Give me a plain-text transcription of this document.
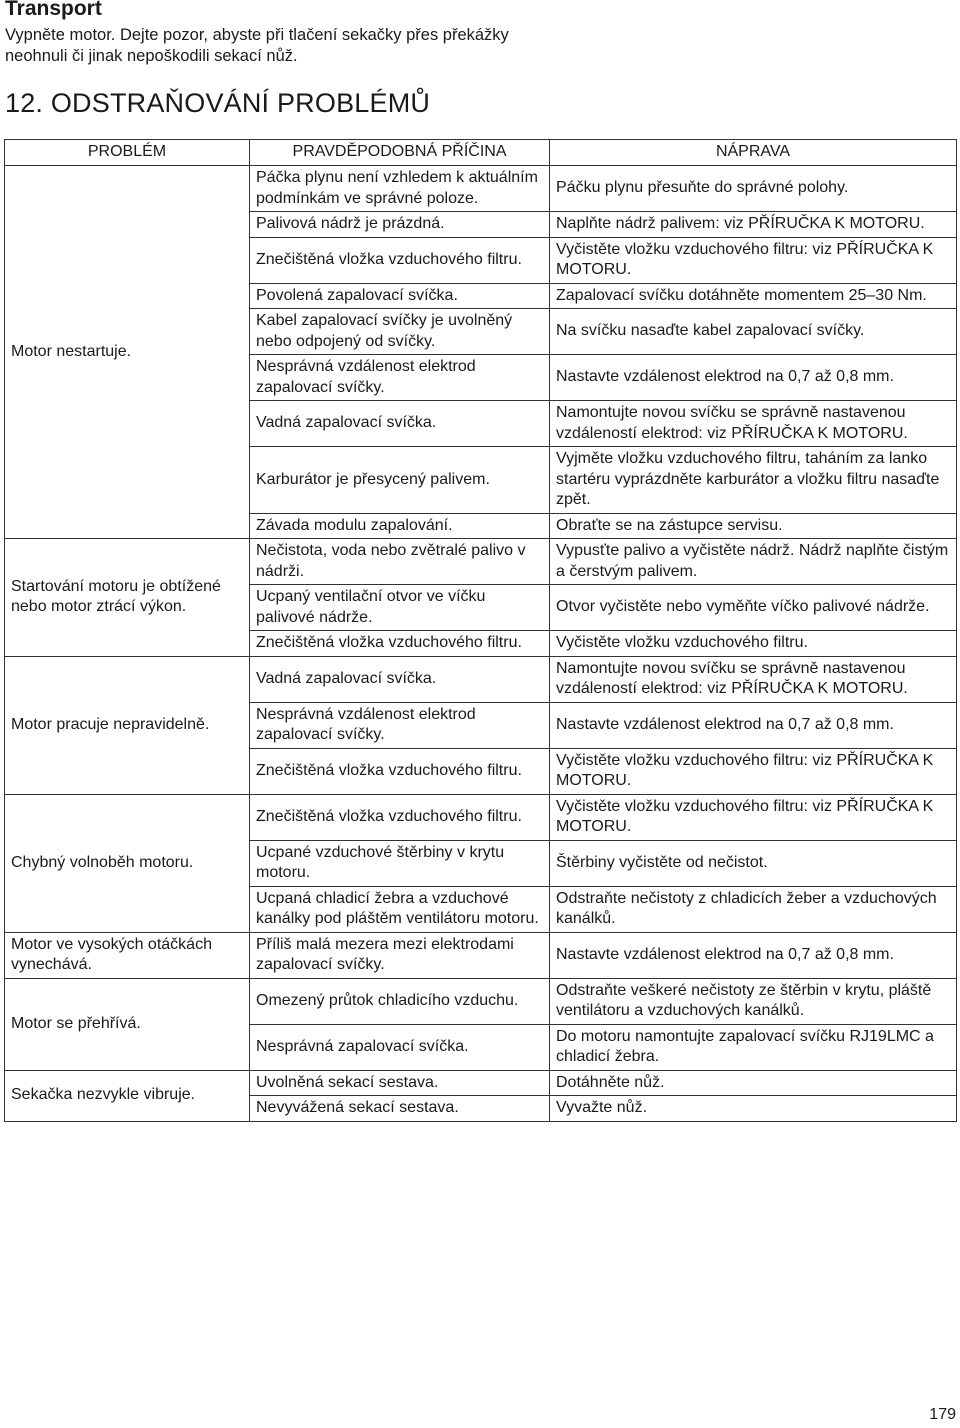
Transport

Vypněte motor. Dejte pozor, abyste při tlačení sekačky přes překážky neohnuli či jinak nepoškodili sekací nůž.

12. ODSTRAŇOVÁNÍ PROBLÉMŮ
PROBLÉM	PRAVDĚPODOBNÁ PŘÍČINA	NÁPRAVA
Motor nestartuje.	Páčka plynu není vzhledem k aktuálním podmínkám ve správné poloze.	Páčku plynu přesuňte do správné polohy.
	Palivová nádrž je prázdná.	Naplňte nádrž palivem: viz PŘÍRUČKA K MOTORU.
	Znečištěná vložka vzduchového filtru.	Vyčistěte vložku vzduchového filtru: viz PŘÍRUČKA K MOTORU.
	Povolená zapalovací svíčka.	Zapalovací svíčku dotáhněte momentem 25–30 Nm.
	Kabel zapalovací svíčky je uvolněný nebo odpojený od svíčky.	Na svíčku nasaďte kabel zapalovací svíčky.
	Nesprávná vzdálenost elektrod zapalovací svíčky.	Nastavte vzdálenost elektrod na 0,7 až 0,8 mm.
	Vadná zapalovací svíčka.	Namontujte novou svíčku se správně nastavenou vzdáleností elektrod: viz PŘÍRUČKA K MOTORU.
	Karburátor je přesycený palivem.	Vyjměte vložku vzduchového filtru, taháním za lanko startéru vyprázdněte karburátor a vložku filtru nasaďte zpět.
	Závada modulu zapalování.	Obraťte se na zástupce servisu.
Startování motoru je obtížené nebo motor ztrácí výkon.	Nečistota, voda nebo zvětralé palivo v nádrži.	Vypusťte palivo a vyčistěte nádrž. Nádrž naplňte čistým a čerstvým palivem.
	Ucpaný ventilační otvor ve víčku palivové nádrže.	Otvor vyčistěte nebo vyměňte víčko palivové nádrže.
	Znečištěná vložka vzduchového filtru.	Vyčistěte vložku vzduchového filtru.
Motor pracuje nepravidelně.	Vadná zapalovací svíčka.	Namontujte novou svíčku se správně nastavenou vzdáleností elektrod: viz PŘÍRUČKA K MOTORU.
	Nesprávná vzdálenost elektrod zapalovací svíčky.	Nastavte vzdálenost elektrod na 0,7 až 0,8 mm.
	Znečištěná vložka vzduchového filtru.	Vyčistěte vložku vzduchového filtru: viz PŘÍRUČKA K MOTORU.
Chybný volnoběh motoru.	Znečištěná vložka vzduchového filtru.	Vyčistěte vložku vzduchového filtru: viz PŘÍRUČKA K MOTORU.
	Ucpané vzduchové štěrbiny v krytu motoru.	Štěrbiny vyčistěte od nečistot.
	Ucpaná chladicí žebra a vzduchové kanálky pod pláštěm ventilátoru motoru.	Odstraňte nečistoty z chladicích žeber a vzduchových kanálků.
Motor ve vysokých otáčkách vynechává.	Příliš malá mezera mezi elektrodami zapalovací svíčky.	Nastavte vzdálenost elektrod na 0,7 až 0,8 mm.
Motor se přehřívá.	Omezený průtok chladicího vzduchu.	Odstraňte veškeré nečistoty ze štěrbin v krytu, pláště ventilátoru a vzduchových kanálků.
	Nesprávná zapalovací svíčka.	Do motoru namontujte zapalovací svíčku RJ19LMC a chladicí žebra.
Sekačka nezvykle vibruje.	Uvolněná sekací sestava.	Dotáhněte nůž.
	Nevyvážená sekací sestava.	Vyvažte nůž.

179
